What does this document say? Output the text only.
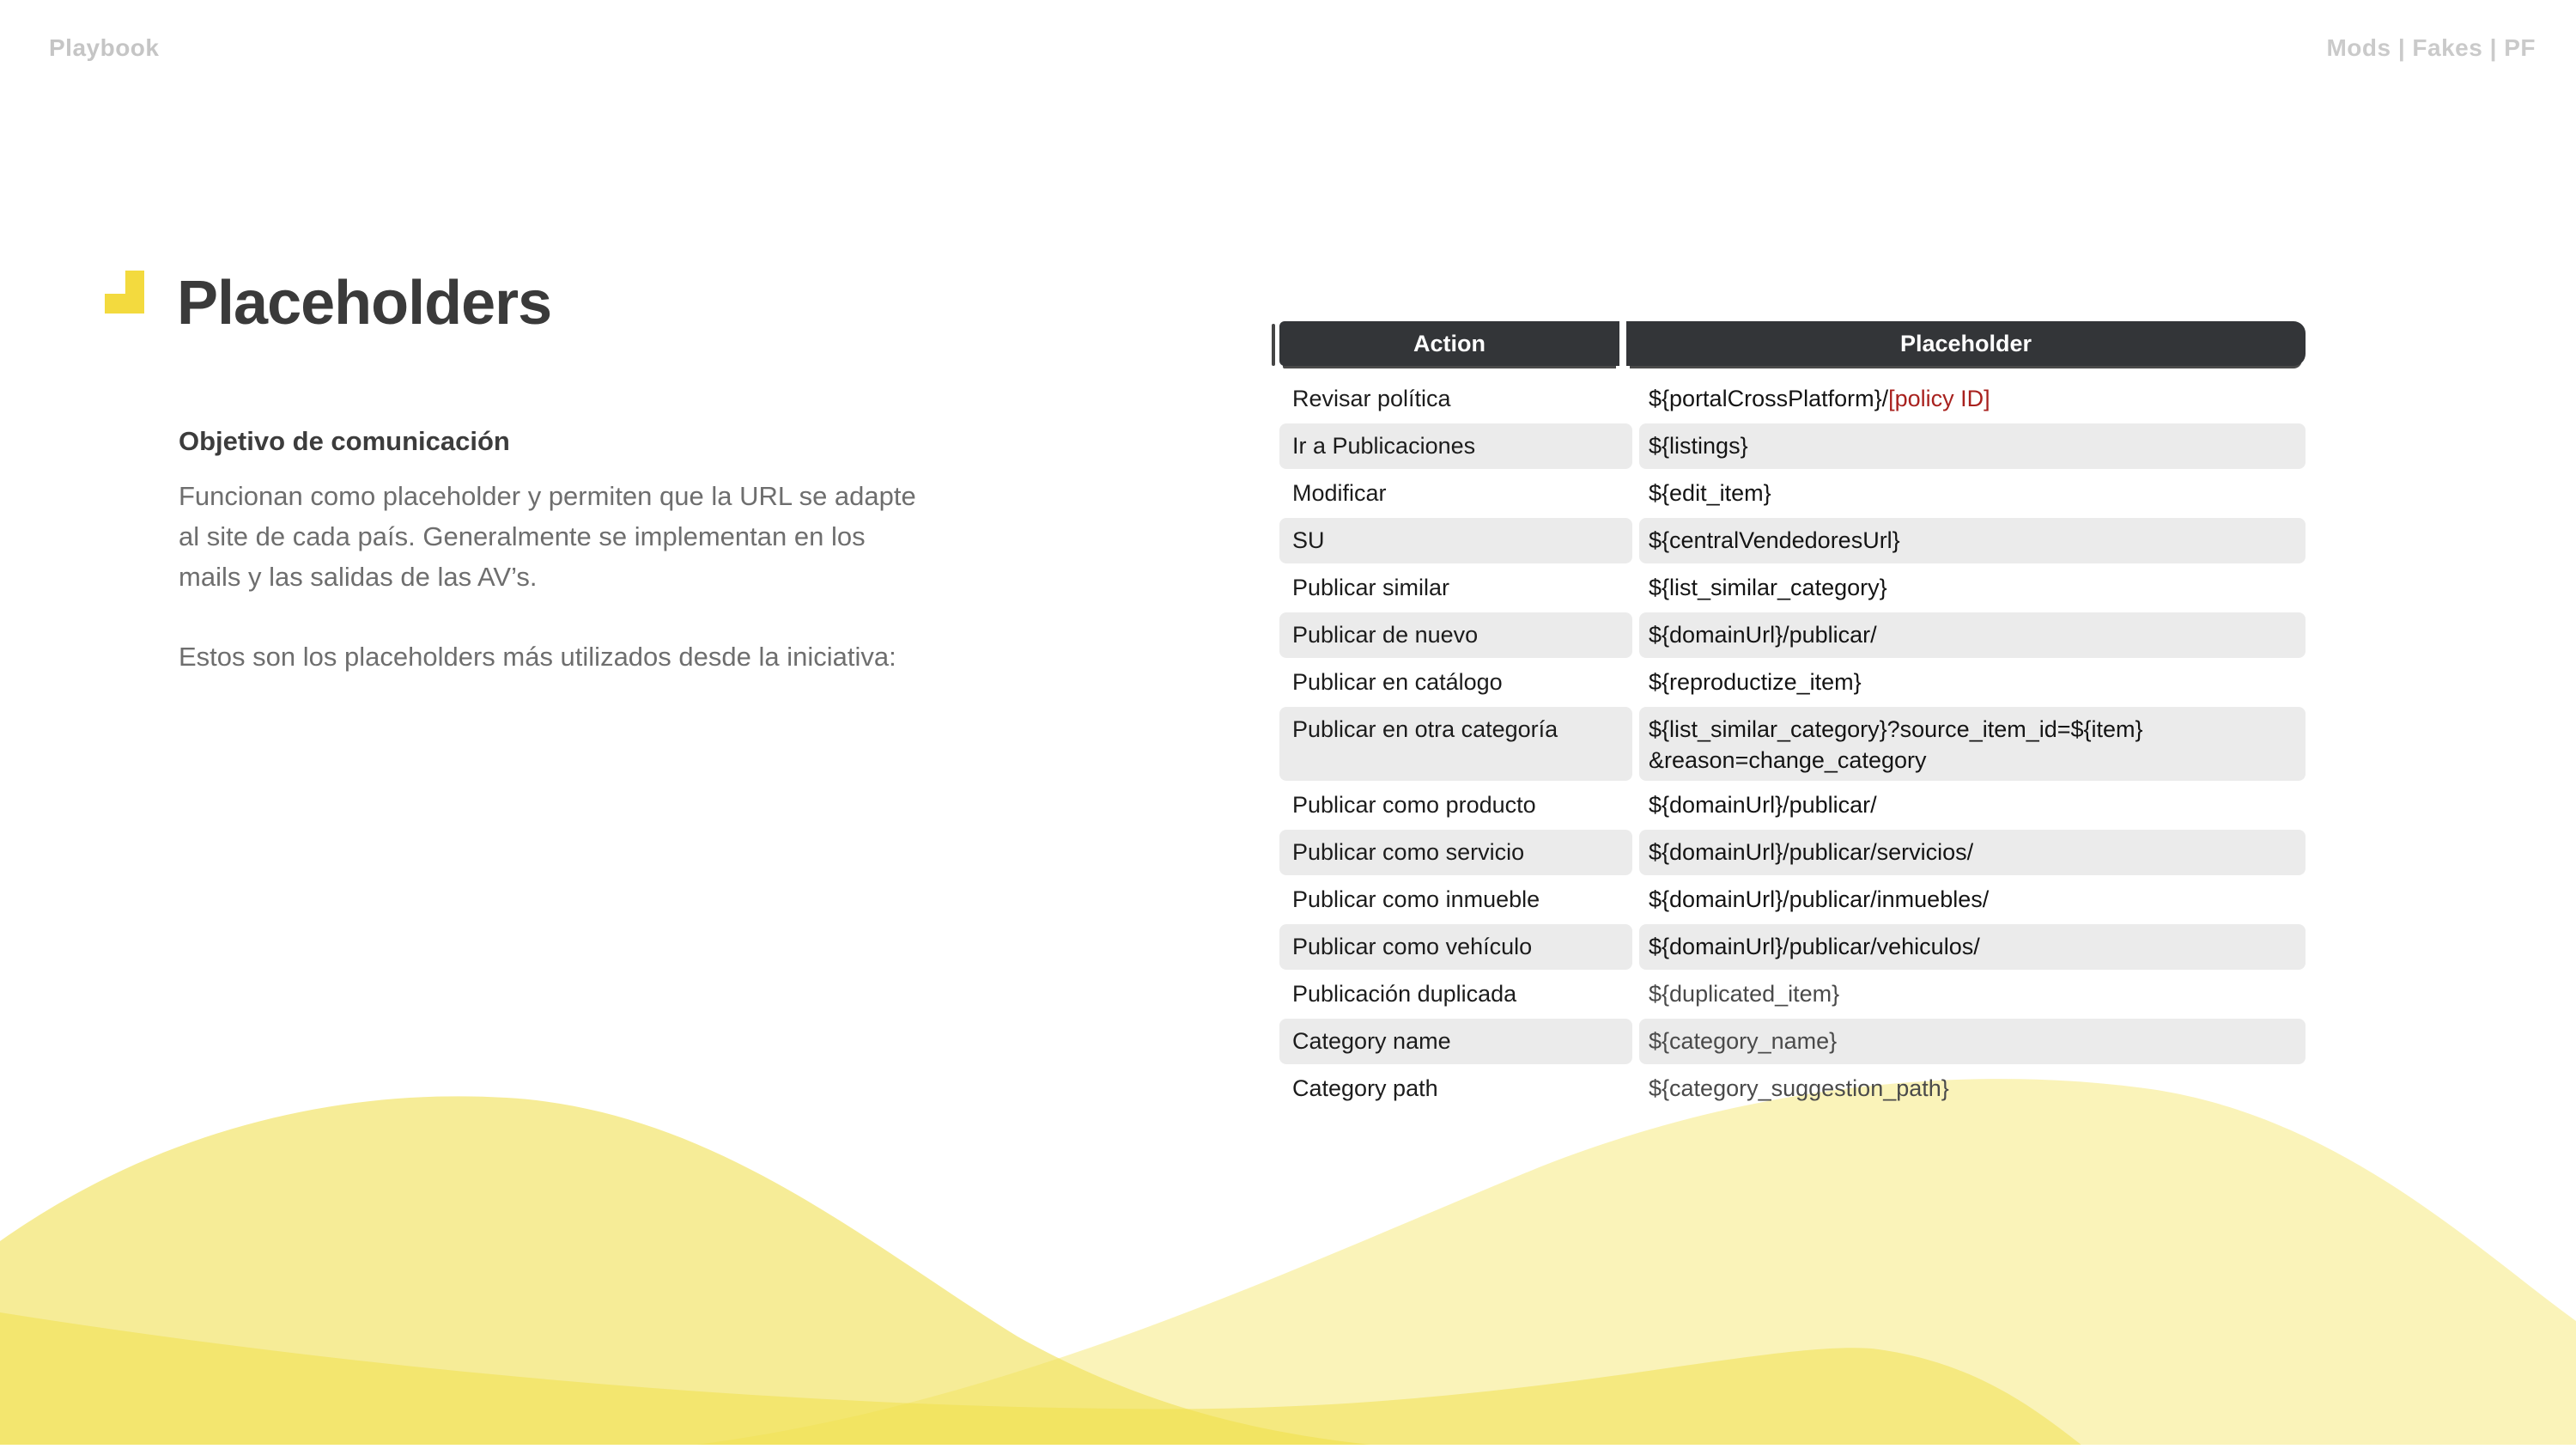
Playbook	Mods | Fakes | PF
Placeholders
Objetivo de comunicación
Funcionan como placeholder y permiten que la URL se adapte
al site de cada país. Generalmente se implementan en los
mails y las salidas de las AV’s.
Estos son los placeholders más utilizados desde la iniciativa:
Action	Placeholder
Revisar política	${portalCrossPlatform}/ [policy ID]
Ir a Publicaciones	${listings}
Modificar	${edit_item}
SU	${centralVendedoresUrl}
Publicar similar	${list_similar_category}
Publicar de nuevo	${domainUrl}/publicar/
Publicar en catálogo	${reproductize_item}
Publicar en otra categoría	${list_similar_category}?source_item_id=${item}
&reason=change_category
Publicar como producto	${domainUrl}/publicar/
Publicar como servicio	${domainUrl}/publicar/servicios/
Publicar como inmueble	${domainUrl}/publicar/inmuebles/
Publicar como vehículo	${domainUrl}/publicar/vehiculos/
Publicación duplicada	${duplicated_item}
Category name	${category_name}
Category path	${category_suggestion_path}
